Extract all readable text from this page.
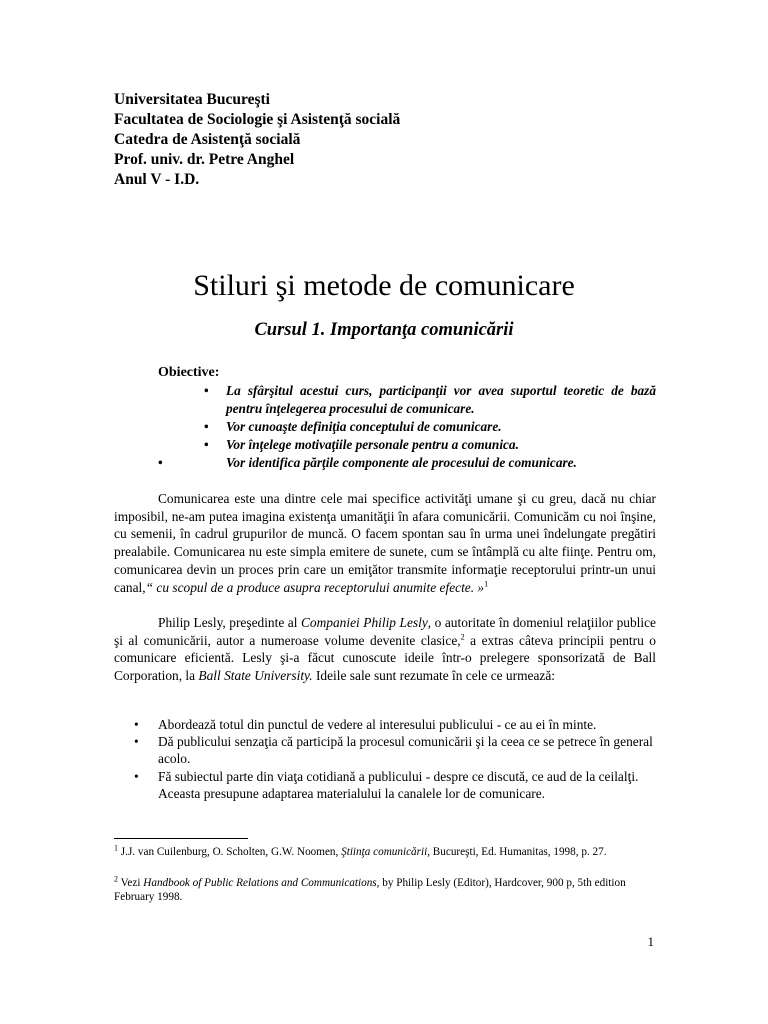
Universitatea Bucureşti
Facultatea de Sociologie şi Asistenţă socială
Catedra de Asistenţă socială
Prof. univ. dr. Petre Anghel
Anul V - I.D.
Stiluri şi metode de comunicare
Cursul 1. Importanţa comunicării
Obiective:
• La sfârşitul acestui curs, participanţii vor avea suportul teoretic de bază pentru înţelegerea procesului de comunicare.
• Vor cunoaşte definiţia conceptului de comunicare.
• Vor înţelege motivaţiile personale pentru a comunica.
•	Vor identifica părţile componente ale procesului de comunicare.
Comunicarea este una dintre cele mai specifice activităţi umane şi cu greu, dacă nu chiar imposibil, ne-am putea imagina existenţa umanităţii în afara comunicării. Comunicăm cu noi înşine, cu semenii, în cadrul grupurilor de muncă. O facem spontan sau în urma unei îndelungate pregătiri prealabile. Comunicarea nu este simpla emitere de sunete, cum se întâmplă cu alte fiinţe. Pentru om, comunicarea devin un proces prin care un emiţător transmite informaţie receptorului printr-un unui canal,“ cu scopul de a produce asupra receptorului anumite efecte. »$^1$
Philip Lesly, preşedinte al Companiei Philip Lesly, o autoritate în domeniul relaţiilor publice şi al comunicării, autor a numeroase volume devenite clasice,$^2$ a extras câteva principii pentru o comunicare eficientă. Lesly şi-a făcut cunoscute ideile într-o prelegere sponsorizată de Ball Corporation, la Ball State University. Ideile sale sunt rezumate în cele ce urmează:
• Abordează totul din punctul de vedere al interesului publicului - ce au ei în minte.
• Dă publicului senzaţia că participă la procesul comunicării şi la ceea ce se petrece în general acolo.
• Fă subiectul parte din viaţa cotidiană a publicului - despre ce discută, ce aud de la ceilalţi. Aceasta presupune adaptarea materialului la canalele lor de comunicare.
$^1$ J.J. van Cuilenburg, O. Scholten, G.W. Noomen, Ştiinţa comunicării, Bucureşti, Ed. Humanitas, 1998, p. 27.
$^2$ Vezi Handbook of Public Relations and Communications, by Philip Lesly (Editor), Hardcover, 900 p, 5th edition February 1998.
1
